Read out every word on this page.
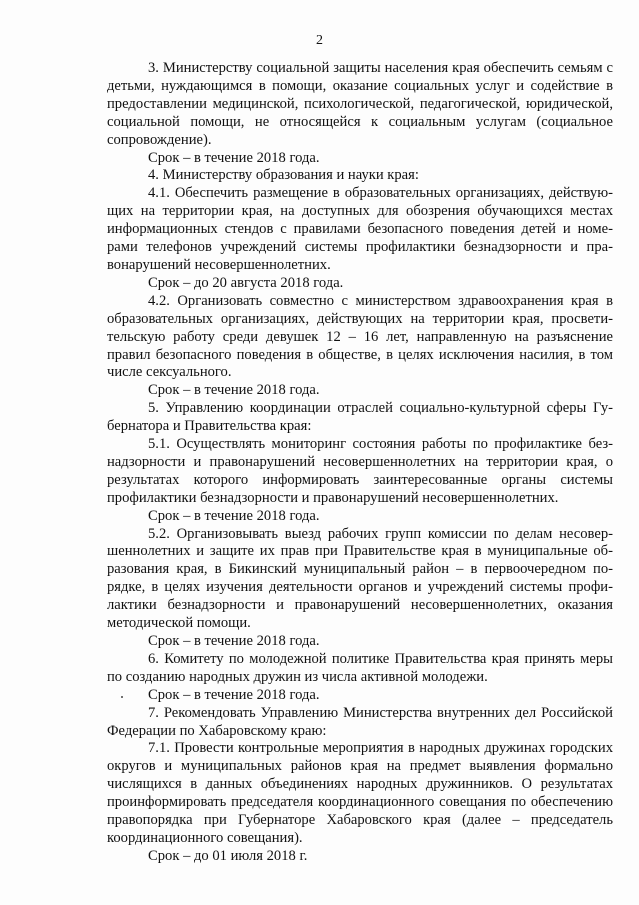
2

3. Министерству социальной защиты населения края обеспечить семьям с детьми, нуждающимся в помощи, оказание социальных услуг и содействие в предоставлении медицинской, психологической, педагогической, юридической, социальной помощи, не относящейся к социальным услугам (социальное сопровождение).

Срок – в течение 2018 года.

4. Министерству образования и науки края:

4.1. Обеспечить размещение в образовательных организациях, действующих на территории края, на доступных для обозрения обучающихся местах информационных стендов с правилами безопасного поведения детей и номерами телефонов учреждений системы профилактики безнадзорности и правонарушений несовершеннолетних.

Срок – до 20 августа 2018 года.

4.2. Организовать совместно с министерством здравоохранения края в образовательных организациях, действующих на территории края, просветительскую работу среди девушек 12 – 16 лет, направленную на разъяснение правил безопасного поведения в обществе, в целях исключения насилия, в том числе сексуального.

Срок – в течение 2018 года.

5. Управлению координации отраслей социально-культурной сферы Губернатора и Правительства края:

5.1. Осуществлять мониторинг состояния работы по профилактике безнадзорности и правонарушений несовершеннолетних на территории края, о результатах которого информировать заинтересованные органы системы профилактики безнадзорности и правонарушений несовершеннолетних.

Срок – в течение 2018 года.

5.2. Организовывать выезд рабочих групп комиссии по делам несовершеннолетних и защите их прав при Правительстве края в муниципальные образования края, в Бикинский муниципальный район – в первоочередном порядке, в целях изучения деятельности органов и учреждений системы профилактики безнадзорности и правонарушений несовершеннолетних, оказания методической помощи.

Срок – в течение 2018 года.

6. Комитету по молодежной политике Правительства края принять меры по созданию народных дружин из числа активной молодежи.

Срок – в течение 2018 года.

7. Рекомендовать Управлению Министерства внутренних дел Российской Федерации по Хабаровскому краю:

7.1. Провести контрольные мероприятия в народных дружинах городских округов и муниципальных районов края на предмет выявления формально числящихся в данных объединениях народных дружинников. О результатах проинформировать председателя координационного совещания по обеспечению правопорядка при Губернаторе Хабаровского края (далее – председатель координационного совещания).

Срок – до 01 июля 2018 г.
